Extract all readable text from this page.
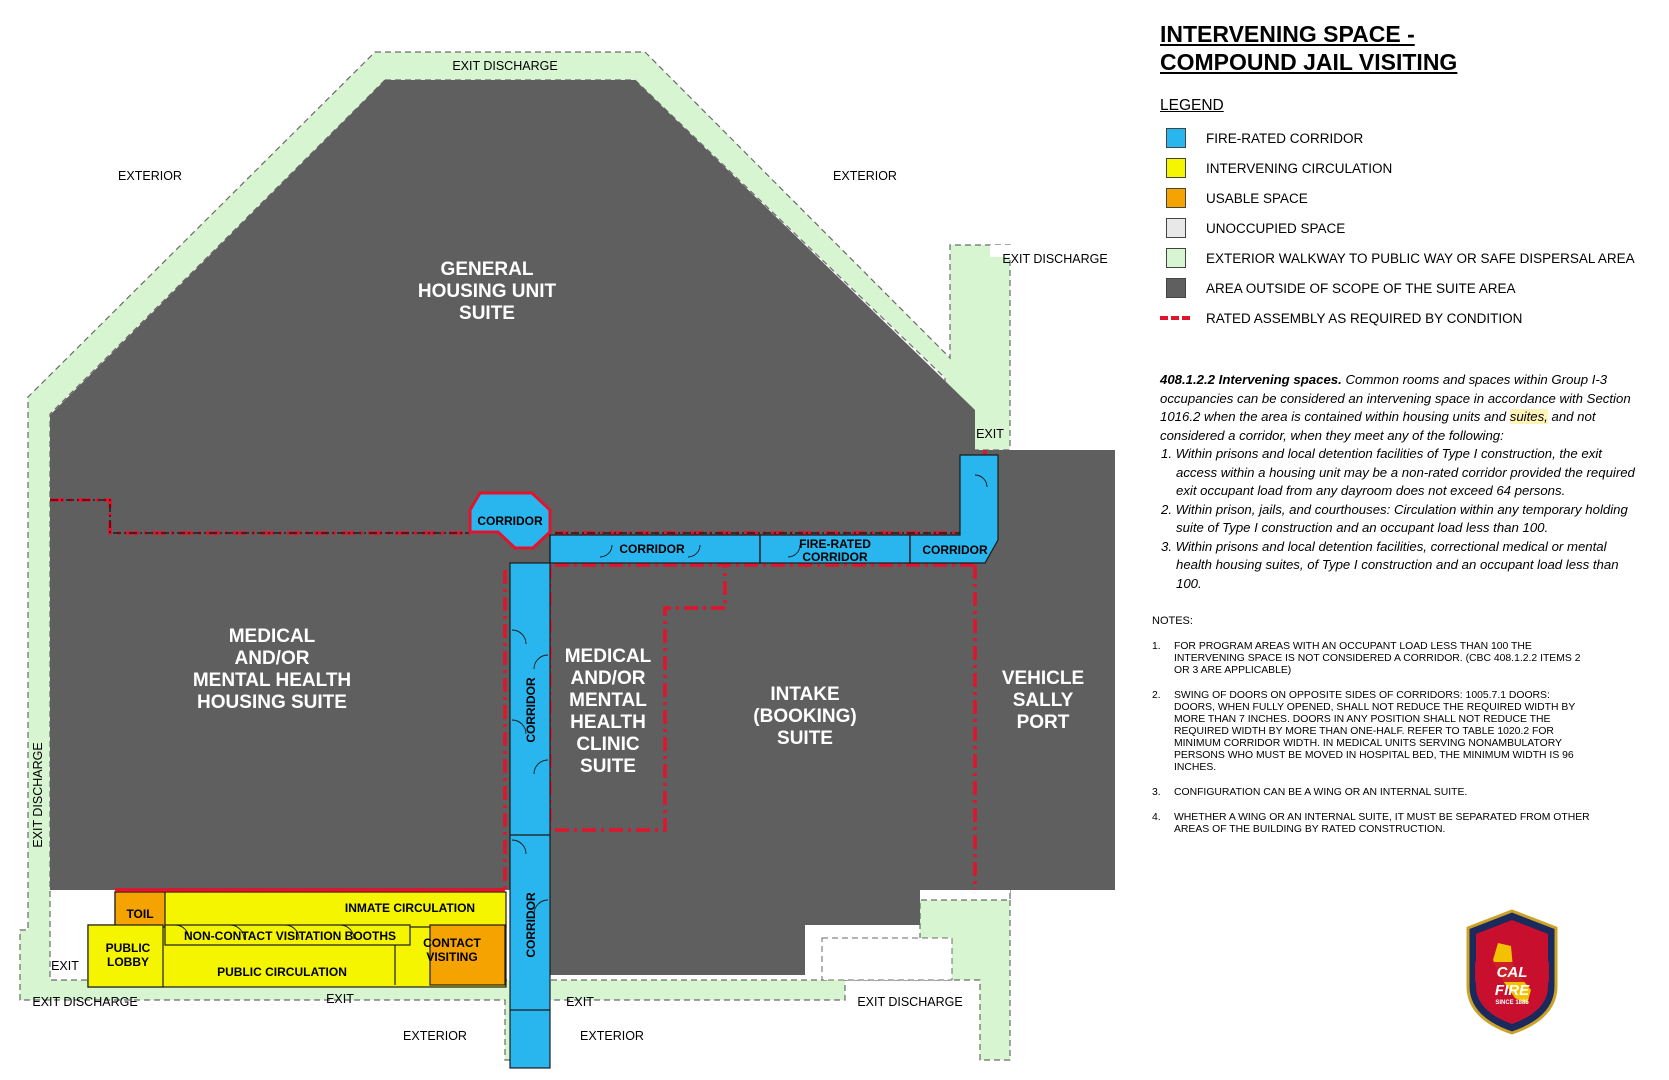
EXIT DISCHARGE
EXTERIOR	EXTERIOR
EXIT DISCHARGE
EXIT
EXIT DISCHARGE
EXIT
EXIT DISCHARGE	EXIT	EXIT	EXIT DISCHARGE
EXTERIOR	EXTERIOR
CORRIDOR
CORRIDOR	FIRE-RATED
CORRIDOR	CORRIDOR
CORRIDOR
CORRIDOR
GENERAL
HOUSING UNIT
SUITE
MEDICAL
AND/OR
MENTAL HEALTH
HOUSING SUITE
MEDICAL
AND/OR
MENTAL
HEALTH
CLINIC
SUITE
INTAKE
(BOOKING)
SUITE
VEHICLE
SALLY
PORT
TOIL	INMATE CIRCULATION
NON-CONTACT VISITATION BOOTHS
PUBLIC
LOBBY
CONTACT
VISITING
PUBLIC CIRCULATION
INTERVENING SPACE -
COMPOUND JAIL VISITING
LEGEND
FIRE-RATED CORRIDOR
INTERVENING CIRCULATION
USABLE SPACE
UNOCCUPIED SPACE
EXTERIOR WALKWAY TO PUBLIC WAY OR SAFE DISPERSAL AREA
AREA OUTSIDE OF SCOPE OF THE SUITE AREA
RATED ASSEMBLY AS REQUIRED BY CONDITION
408.1.2.2 Intervening spaces. Common rooms and spaces within Group I-3 occupancies can be considered an intervening space in accordance with Section 1016.2 when the area is contained within housing units and suites, and not considered a corridor, when they meet any of the following:
1. Within prisons and local detention facilities of Type I construction, the exit access within a housing unit may be a non-rated corridor provided the required exit occupant load from any dayroom does not exceed 64 persons.
2. Within prison, jails, and courthouses: Circulation within any temporary holding suite of Type I construction and an occupant load less than 100.
3. Within prisons and local detention facilities, correctional medical or mental health housing suites, of Type I construction and an occupant load less than 100.
NOTES:
1.	FOR PROGRAM AREAS WITH AN OCCUPANT LOAD LESS THAN 100 THE INTERVENING SPACE IS NOT CONSIDERED A CORRIDOR. (CBC 408.1.2.2 ITEMS 2 OR 3 ARE APPLICABLE)
2.	SWING OF DOORS ON OPPOSITE SIDES OF CORRIDORS: 1005.7.1 DOORS: DOORS, WHEN FULLY OPENED, SHALL NOT REDUCE THE REQUIRED WIDTH BY MORE THAN 7 INCHES. DOORS IN ANY POSITION SHALL NOT REDUCE THE REQUIRED WIDTH BY MORE THAN ONE-HALF. REFER TO TABLE 1020.2 FOR MINIMUM CORRIDOR WIDTH. IN MEDICAL UNITS SERVING NONAMBULATORY PERSONS WHO MUST BE MOVED IN HOSPITAL BED, THE MINIMUM WIDTH IS 96 INCHES.
3.	CONFIGURATION CAN BE A WING OR AN INTERNAL SUITE.
4.	WHETHER A WING OR AN INTERNAL SUITE, IT MUST BE SEPARATED FROM OTHER AREAS OF THE BUILDING BY RATED CONSTRUCTION.
CAL
FIRE
SINCE 1885
